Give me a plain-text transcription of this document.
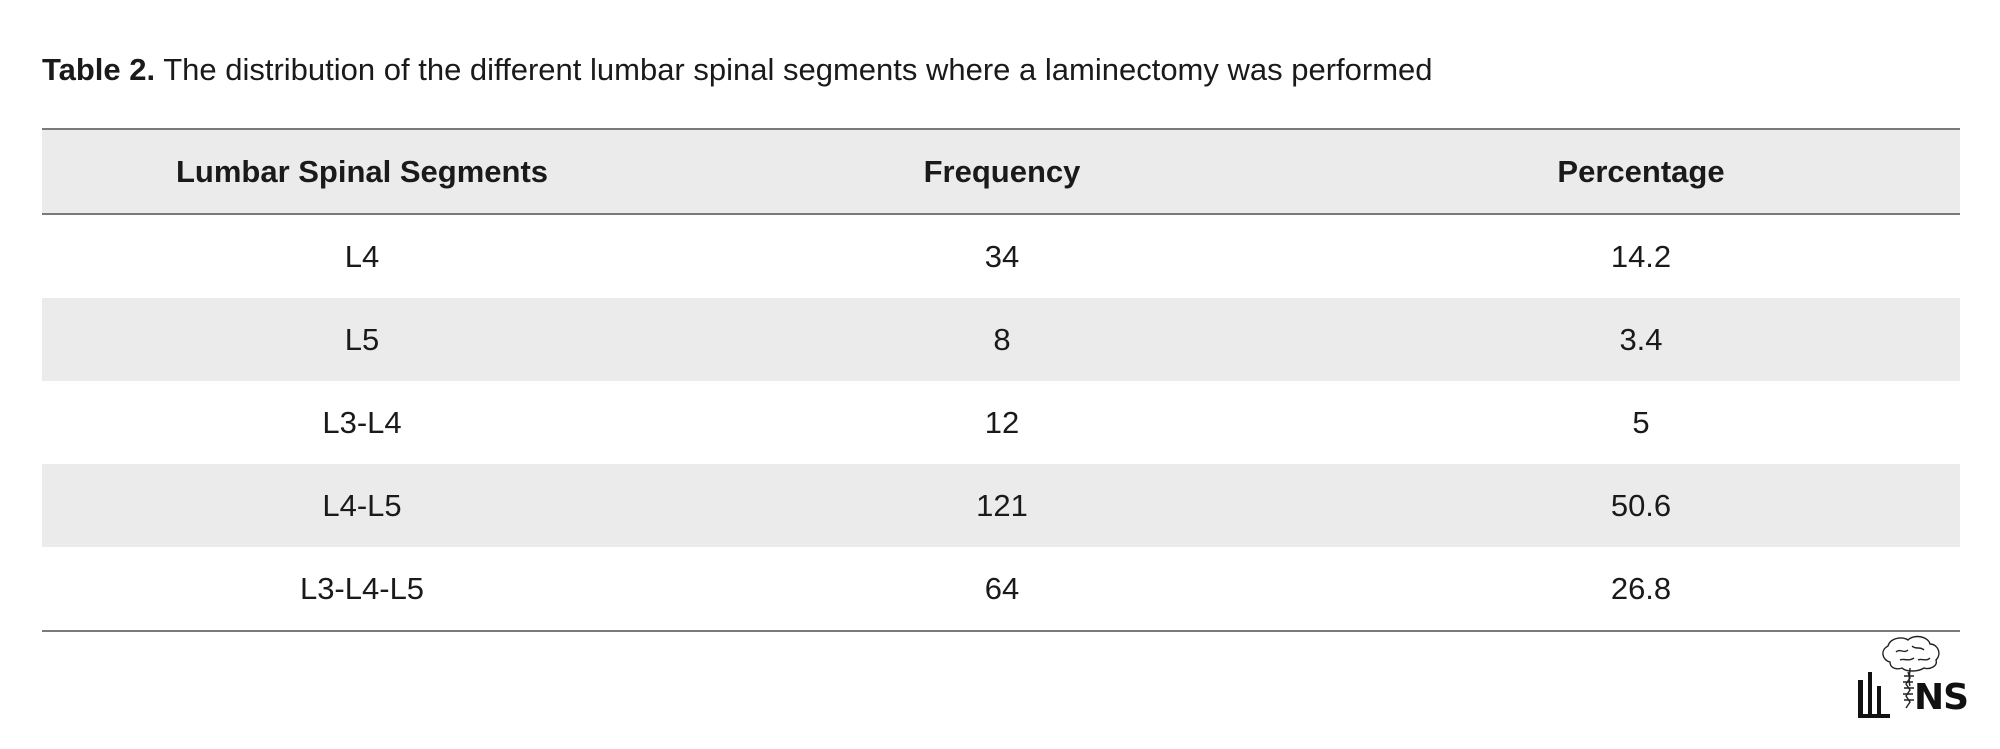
Table 2. The distribution of the different lumbar spinal segments where a laminectomy was performed
Lumbar Spinal Segments	Frequency	Percentage
L4	34	14.2
L5	8	3.4
L3-L4	12	5
L4-L5	121	50.6
L3-L4-L5	64	26.8
NS
